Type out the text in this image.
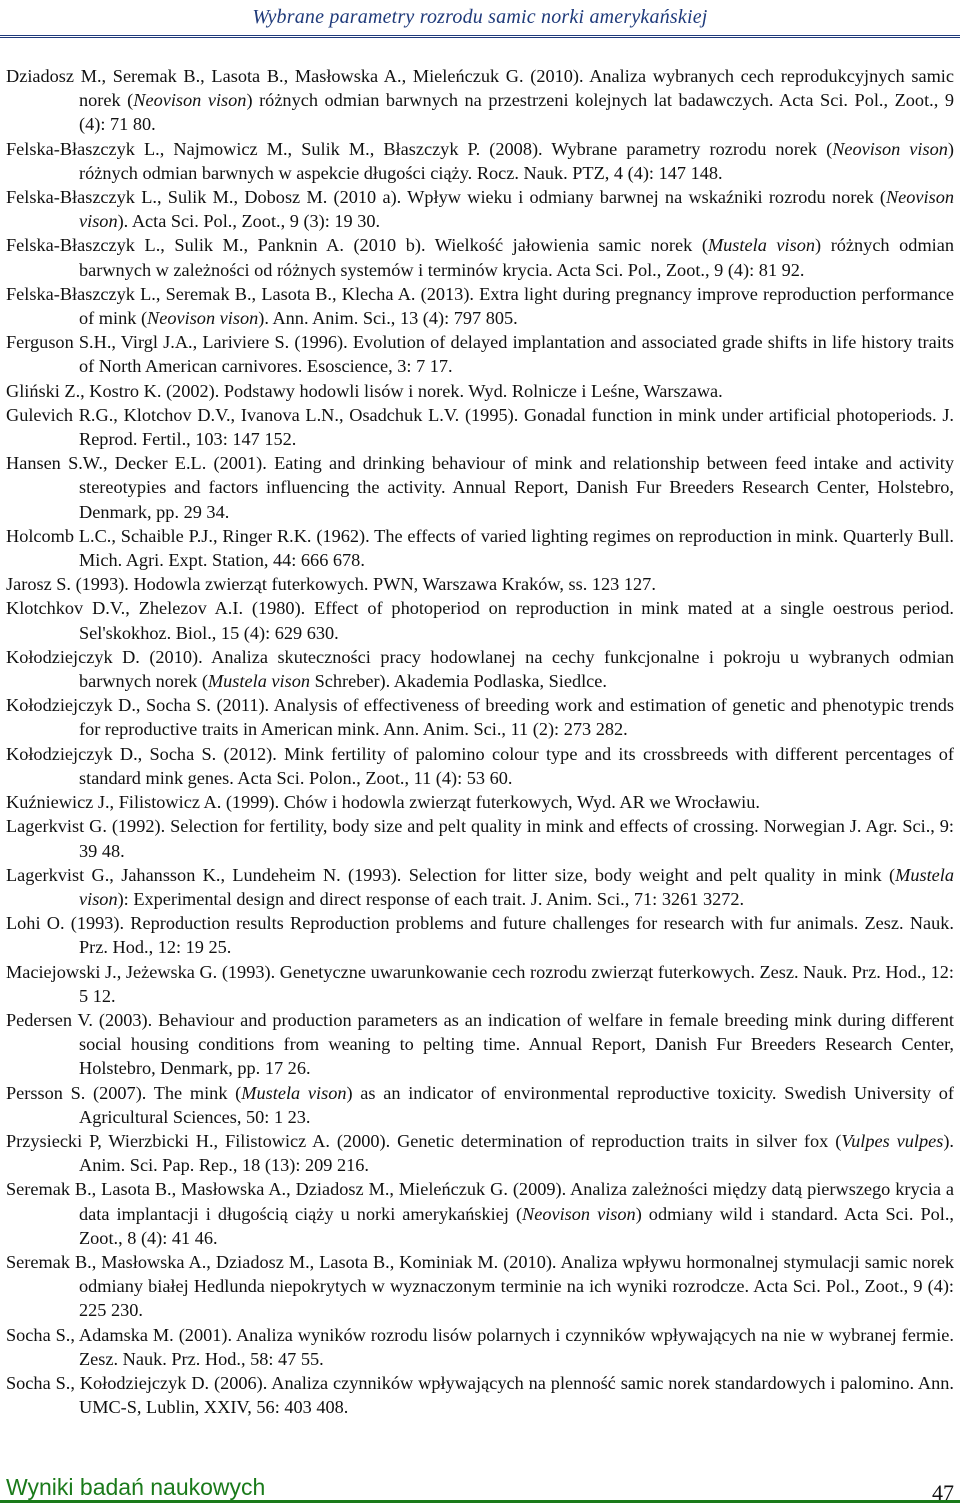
Wybrane parametry rozrodu samic norki amerykańskiej

Dziadosz M., Seremak B., Lasota B., Masłowska A., Mieleńczuk G. (2010). Analiza wybranych cech reprodukcyjnych samic norek (Neovison vison) różnych odmian barwnych na przestrzeni kolejnych lat badawczych. Acta Sci. Pol., Zoot., 9 (4): 71 80.

Felska-Błaszczyk L., Najmowicz M., Sulik M., Błaszczyk P. (2008). Wybrane parametry rozrodu norek (Neovison vison) różnych odmian barwnych w aspekcie długości ciąży. Rocz. Nauk. PTZ, 4 (4): 147 148.

Felska-Błaszczyk L., Sulik M., Dobosz M. (2010 a). Wpływ wieku i odmiany barwnej na wskaźniki rozrodu norek (Neovison vison). Acta Sci. Pol., Zoot., 9 (3): 19 30.

Felska-Błaszczyk L., Sulik M., Panknin A. (2010 b). Wielkość jałowienia samic norek (Mustela vison) różnych odmian barwnych w zależności od różnych systemów i terminów krycia. Acta Sci. Pol., Zoot., 9 (4): 81 92.

Felska-Błaszczyk L., Seremak B., Lasota B., Klecha A. (2013). Extra light during pregnancy improve reproduction performance of mink (Neovison vison). Ann. Anim. Sci., 13 (4): 797 805.

Ferguson S.H., Virgl J.A., Lariviere S. (1996). Evolution of delayed implantation and associated grade shifts in life history traits of North American carnivores. Esoscience, 3: 7 17.

Gliński Z., Kostro K. (2002). Podstawy hodowli lisów i norek. Wyd. Rolnicze i Leśne, Warszawa.

Gulevich R.G., Klotchov D.V., Ivanova L.N., Osadchuk L.V. (1995). Gonadal function in mink under artificial photoperiods. J. Reprod. Fertil., 103: 147 152.

Hansen S.W., Decker E.L. (2001). Eating and drinking behaviour of mink and relationship between feed intake and activity stereotypies and factors influencing the activity. Annual Report, Danish Fur Breeders Research Center, Holstebro, Denmark, pp. 29 34.

Holcomb L.C., Schaible P.J., Ringer R.K. (1962). The effects of varied lighting regimes on reproduction in mink. Quarterly Bull. Mich. Agri. Expt. Station, 44: 666 678.

Jarosz S. (1993). Hodowla zwierząt futerkowych. PWN, Warszawa Kraków, ss. 123 127.

Klotchkov D.V., Zhelezov A.I. (1980). Effect of photoperiod on reproduction in mink mated at a single oestrous period. Sel'skokhoz. Biol., 15 (4): 629 630.

Kołodziejczyk D. (2010). Analiza skuteczności pracy hodowlanej na cechy funkcjonalne i pokroju u wybranych odmian barwnych norek (Mustela vison Schreber). Akademia Podlaska, Siedlce.

Kołodziejczyk D., Socha S. (2011). Analysis of effectiveness of breeding work and estimation of genetic and phenotypic trends for reproductive traits in American mink. Ann. Anim. Sci., 11 (2): 273 282.

Kołodziejczyk D., Socha S. (2012). Mink fertility of palomino colour type and its crossbreeds with different percentages of standard mink genes. Acta Sci. Polon., Zoot., 11 (4): 53 60.

Kuźniewicz J., Filistowicz A. (1999). Chów i hodowla zwierząt futerkowych, Wyd. AR we Wrocławiu.

Lagerkvist G. (1992). Selection for fertility, body size and pelt quality in mink and effects of crossing. Norwegian J. Agr. Sci., 9: 39 48.

Lagerkvist G., Jahansson K., Lundeheim N. (1993). Selection for litter size, body weight and pelt quality in mink (Mustela vison): Experimental design and direct response of each trait. J. Anim. Sci., 71: 3261 3272.

Lohi O. (1993). Reproduction results Reproduction problems and future challenges for research with fur animals. Zesz. Nauk. Prz. Hod., 12: 19 25.

Maciejowski J., Jeżewska G. (1993). Genetyczne uwarunkowanie cech rozrodu zwierząt futerkowych. Zesz. Nauk. Prz. Hod., 12: 5 12.

Pedersen V. (2003). Behaviour and production parameters as an indication of welfare in female breeding mink during different social housing conditions from weaning to pelting time. Annual Report, Danish Fur Breeders Research Center, Holstebro, Denmark, pp. 17 26.

Persson S. (2007). The mink (Mustela vison) as an indicator of environmental reproductive toxicity. Swedish University of Agricultural Sciences, 50: 1 23.

Przysiecki P, Wierzbicki H., Filistowicz A. (2000). Genetic determination of reproduction traits in silver fox (Vulpes vulpes). Anim. Sci. Pap. Rep., 18 (13): 209 216.

Seremak B., Lasota B., Masłowska A., Dziadosz M., Mieleńczuk G. (2009). Analiza zależności między datą pierwszego krycia a data implantacji i długością ciąży u norki amerykańskiej (Neovison vison) odmiany wild i standard. Acta Sci. Pol., Zoot., 8 (4): 41 46.

Seremak B., Masłowska A., Dziadosz M., Lasota B., Kominiak M. (2010). Analiza wpływu hormonalnej stymulacji samic norek odmiany białej Hedlunda niepokrytych w wyznaczonym terminie na ich wyniki rozrodcze. Acta Sci. Pol., Zoot., 9 (4): 225 230.

Socha S., Adamska M. (2001). Analiza wyników rozrodu lisów polarnych i czynników wpływających na nie w wybranej fermie. Zesz. Nauk. Prz. Hod., 58: 47 55.

Socha S., Kołodziejczyk D. (2006). Analiza czynników wpływających na plenność samic norek standardowych i palomino. Ann. UMC-S, Lublin, XXIV, 56: 403 408.

Wyniki badań naukowych	47
